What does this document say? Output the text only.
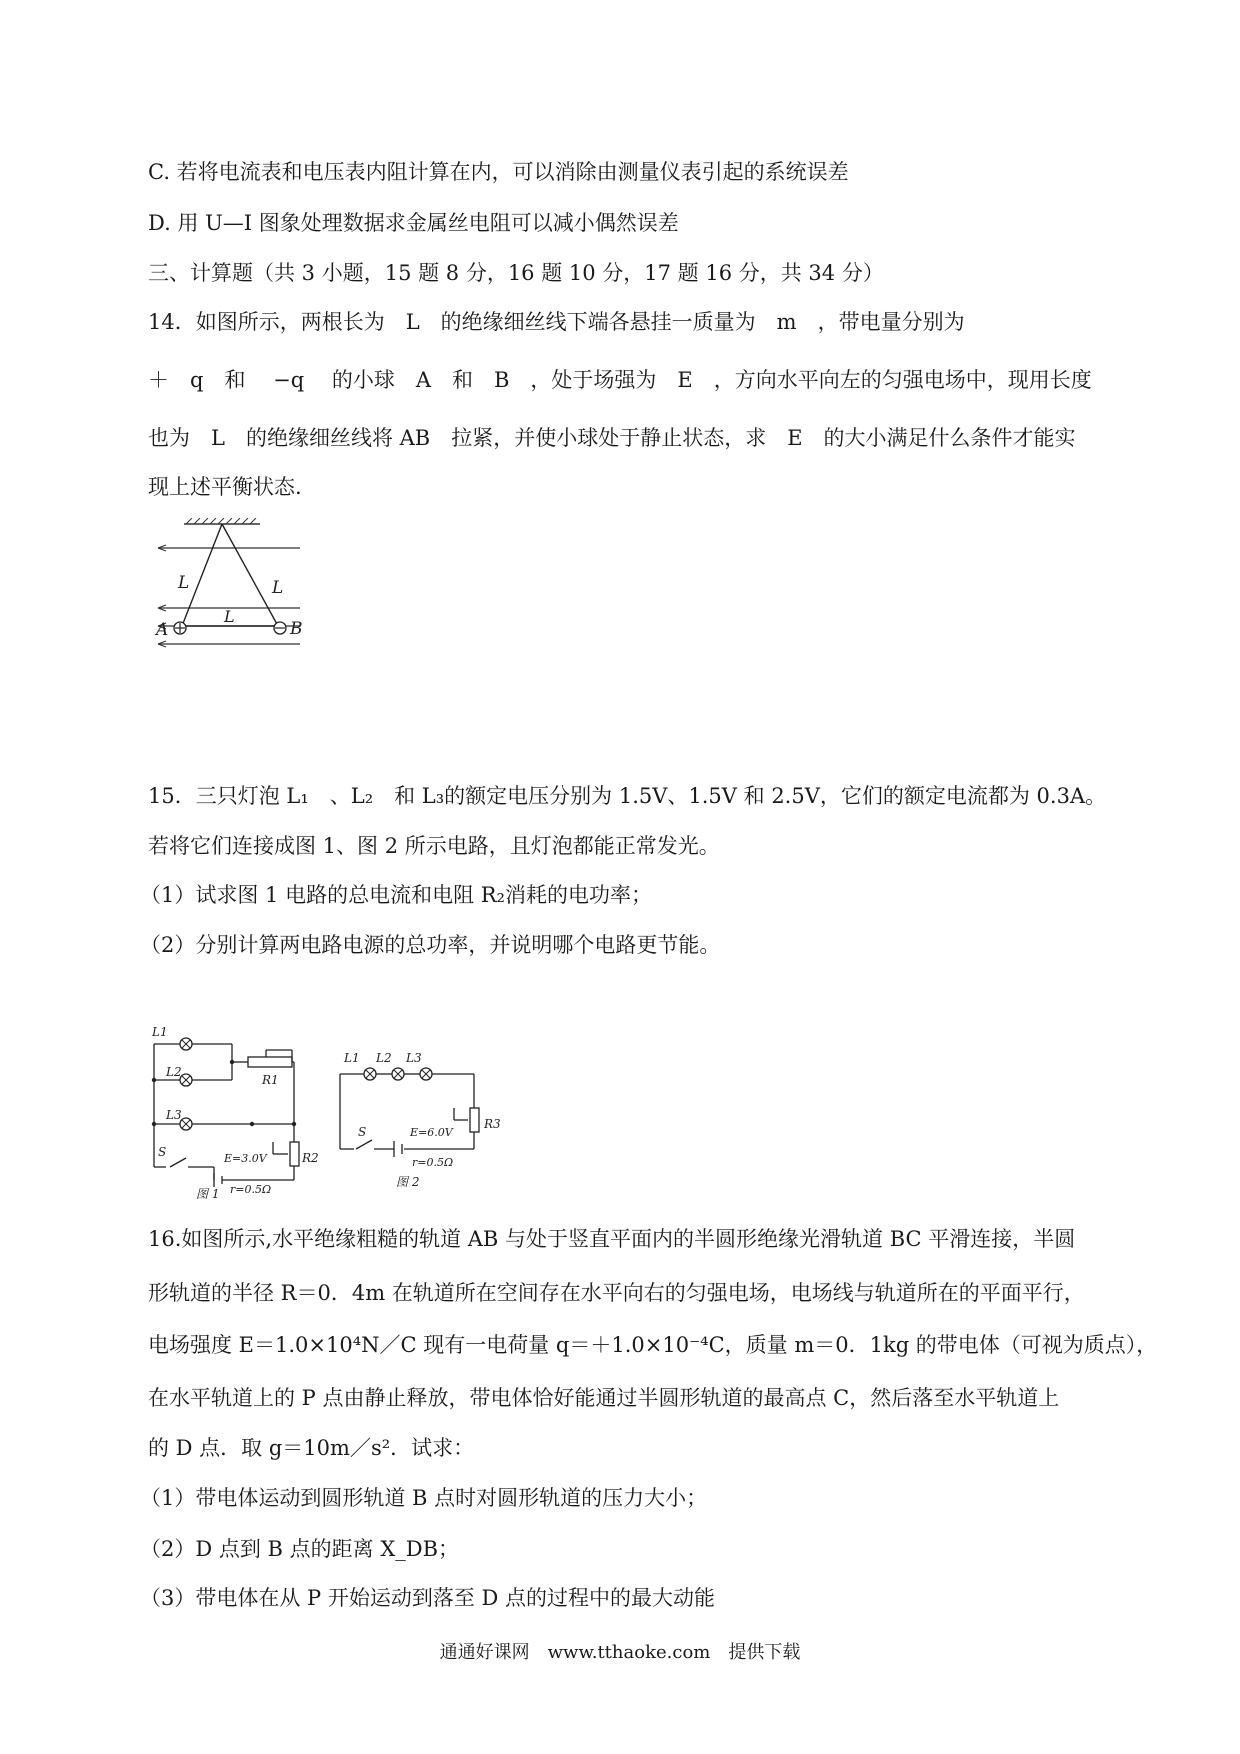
C. 若将电流表和电压表内阻计算在内，可以消除由测量仪表引起的系统误差
D. 用 U—I 图象处理数据求金属丝电阻可以减小偶然误差
三、计算题（共 3 小题，15 题 8 分，16 题 10 分，17 题 16 分，共 34 分）
14．如图所示，两根长为　L　的绝缘细丝线下端各悬挂一质量为　m　，带电量分别为
＋　q　和　 −q　 的小球　A　和　B　，处于场强为　E　，方向水平向左的匀强电场中，现用长度
也为　L　的绝缘细丝线将 AB　拉紧，并使小球处于静止状态，求　E　的大小满足什么条件才能实
现上述平衡状态.
L	L
L
A	B
15．三只灯泡 L₁　、L₂　和 L₃的额定电压分别为 1.5V、1.5V 和 2.5V，它们的额定电流都为 0.3A。
若将它们连接成图 1、图 2 所示电路，且灯泡都能正常发光。
（1）试求图 1 电路的总电流和电阻 R₂消耗的电功率；
（2）分别计算两电路电源的总功率，并说明哪个电路更节能。
L1
L2
L3
R1
R2
S	E=3.0V
r=0.5Ω
图 1
L1 L2 L3
R3
S	E=6.0V
r=0.5Ω
图 2
16.如图所示,水平绝缘粗糙的轨道 AB 与处于竖直平面内的半圆形绝缘光滑轨道 BC 平滑连接，半圆
形轨道的半径 R＝0．4m 在轨道所在空间存在水平向右的匀强电场，电场线与轨道所在的平面平行，
电场强度 E＝1.0×10⁴N／C 现有一电荷量 q＝＋1.0×10⁻⁴C，质量 m＝0．1kg 的带电体（可视为质点），
在水平轨道上的 P 点由静止释放，带电体恰好能通过半圆形轨道的最高点 C，然后落至水平轨道上
的 D 点．取 g＝10m／s²．试求：
（1）带电体运动到圆形轨道 B 点时对圆形轨道的压力大小；
（2）D 点到 B 点的距离 X_DB；
（3）带电体在从 P 开始运动到落至 D 点的过程中的最大动能
通通好课网　www.tthaoke.com　提供下载
